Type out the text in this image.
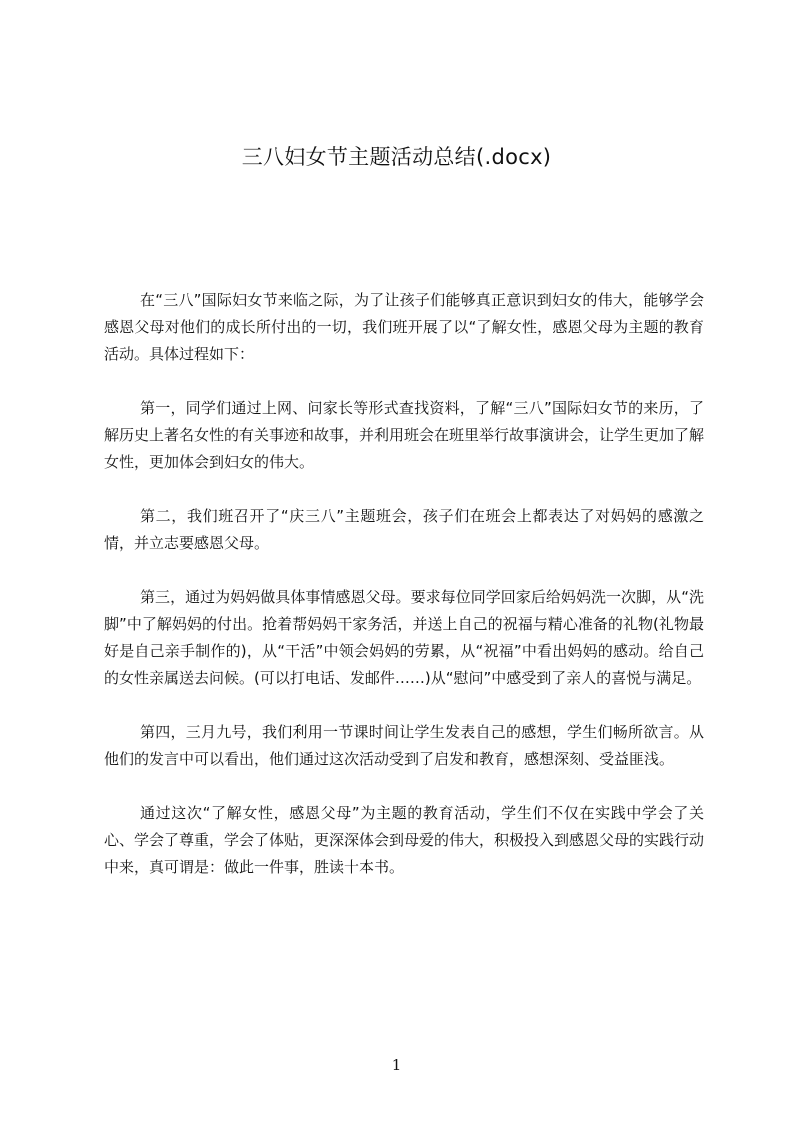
三八妇女节主题活动总结(.docx)

在“三八”国际妇女节来临之际，为了让孩子们能够真正意识到妇女的伟大，能够学会感恩父母对他们的成长所付出的一切，我们班开展了以“了解女性，感恩父母为主题的教育活动。具体过程如下：

第一，同学们通过上网、问家长等形式查找资料，了解“三八”国际妇女节的来历，了解历史上著名女性的有关事迹和故事，并利用班会在班里举行故事演讲会，让学生更加了解女性，更加体会到妇女的伟大。

第二，我们班召开了“庆三八”主题班会，孩子们在班会上都表达了对妈妈的感激之情，并立志要感恩父母。

第三，通过为妈妈做具体事情感恩父母。要求每位同学回家后给妈妈洗一次脚，从“洗脚”中了解妈妈的付出。抢着帮妈妈干家务活，并送上自己的祝福与精心准备的礼物(礼物最好是自己亲手制作的)，从“干活”中领会妈妈的劳累，从“祝福”中看出妈妈的感动。给自己的女性亲属送去问候。(可以打电话、发邮件……)从“慰问”中感受到了亲人的喜悦与满足。

第四，三月九号，我们利用一节课时间让学生发表自己的感想，学生们畅所欲言。从他们的发言中可以看出，他们通过这次活动受到了启发和教育，感想深刻、受益匪浅。

通过这次“了解女性，感恩父母”为主题的教育活动，学生们不仅在实践中学会了关心、学会了尊重，学会了体贴，更深深体会到母爱的伟大，积极投入到感恩父母的实践行动中来，真可谓是：做此一件事，胜读十本书。

1
